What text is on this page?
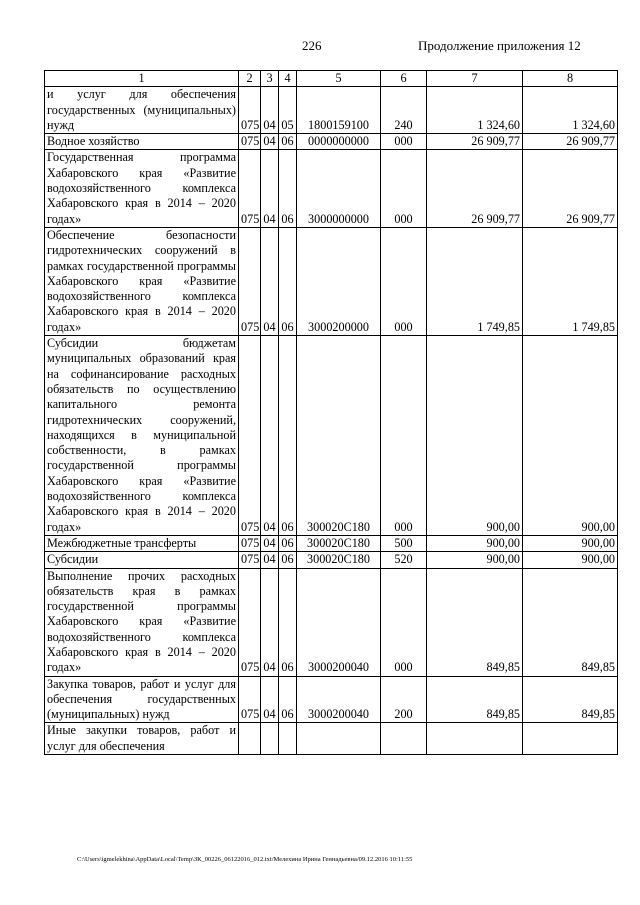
226	Продолжение приложения 12
1	2	3	4	5	6	7	8
и услуг для обеспечения государственных (муниципальных) нужд	075	04	05	1800159100	240	1 324,60	1 324,60
Водное хозяйство	075	04	06	0000000000	000	26 909,77	26 909,77
Государственная программа Хабаровского края «Развитие водохозяйственного комплекса Хабаровского края в 2014 – 2020 годах»	075	04	06	3000000000	000	26 909,77	26 909,77
Обеспечение безопасности гидротехнических сооружений в рамках государственной программы Хабаровского края «Развитие водохозяйственного комплекса Хабаровского края в 2014 – 2020 годах»	075	04	06	3000200000	000	1 749,85	1 749,85
Субсидии бюджетам муниципальных образований края на софинансирование расходных обязательств по осуществлению капитального ремонта гидротехнических сооружений, находящихся в муниципальной собственности, в рамках государственной программы Хабаровского края «Развитие водохозяйственного комплекса Хабаровского края в 2014 – 2020 годах»	075	04	06	300020С180	000	900,00	900,00
Межбюджетные трансферты	075	04	06	300020С180	500	900,00	900,00
Субсидии	075	04	06	300020С180	520	900,00	900,00
Выполнение прочих расходных обязательств края в рамках государственной программы Хабаровского края «Развитие водохозяйственного комплекса Хабаровского края в 2014 – 2020 годах»	075	04	06	3000200040	000	849,85	849,85
Закупка товаров, работ и услуг для обеспечения государственных (муниципальных) нужд	075	04	06	3000200040	200	849,85	849,85
Иные закупки товаров, работ и услуг для обеспечения							
C:\Users\igmelekhina\AppData\Local\Temp\ЗК_00226_06122016_012.txt/Мелехина Ирина Геннадьевна/09.12.2016 10:11:55
